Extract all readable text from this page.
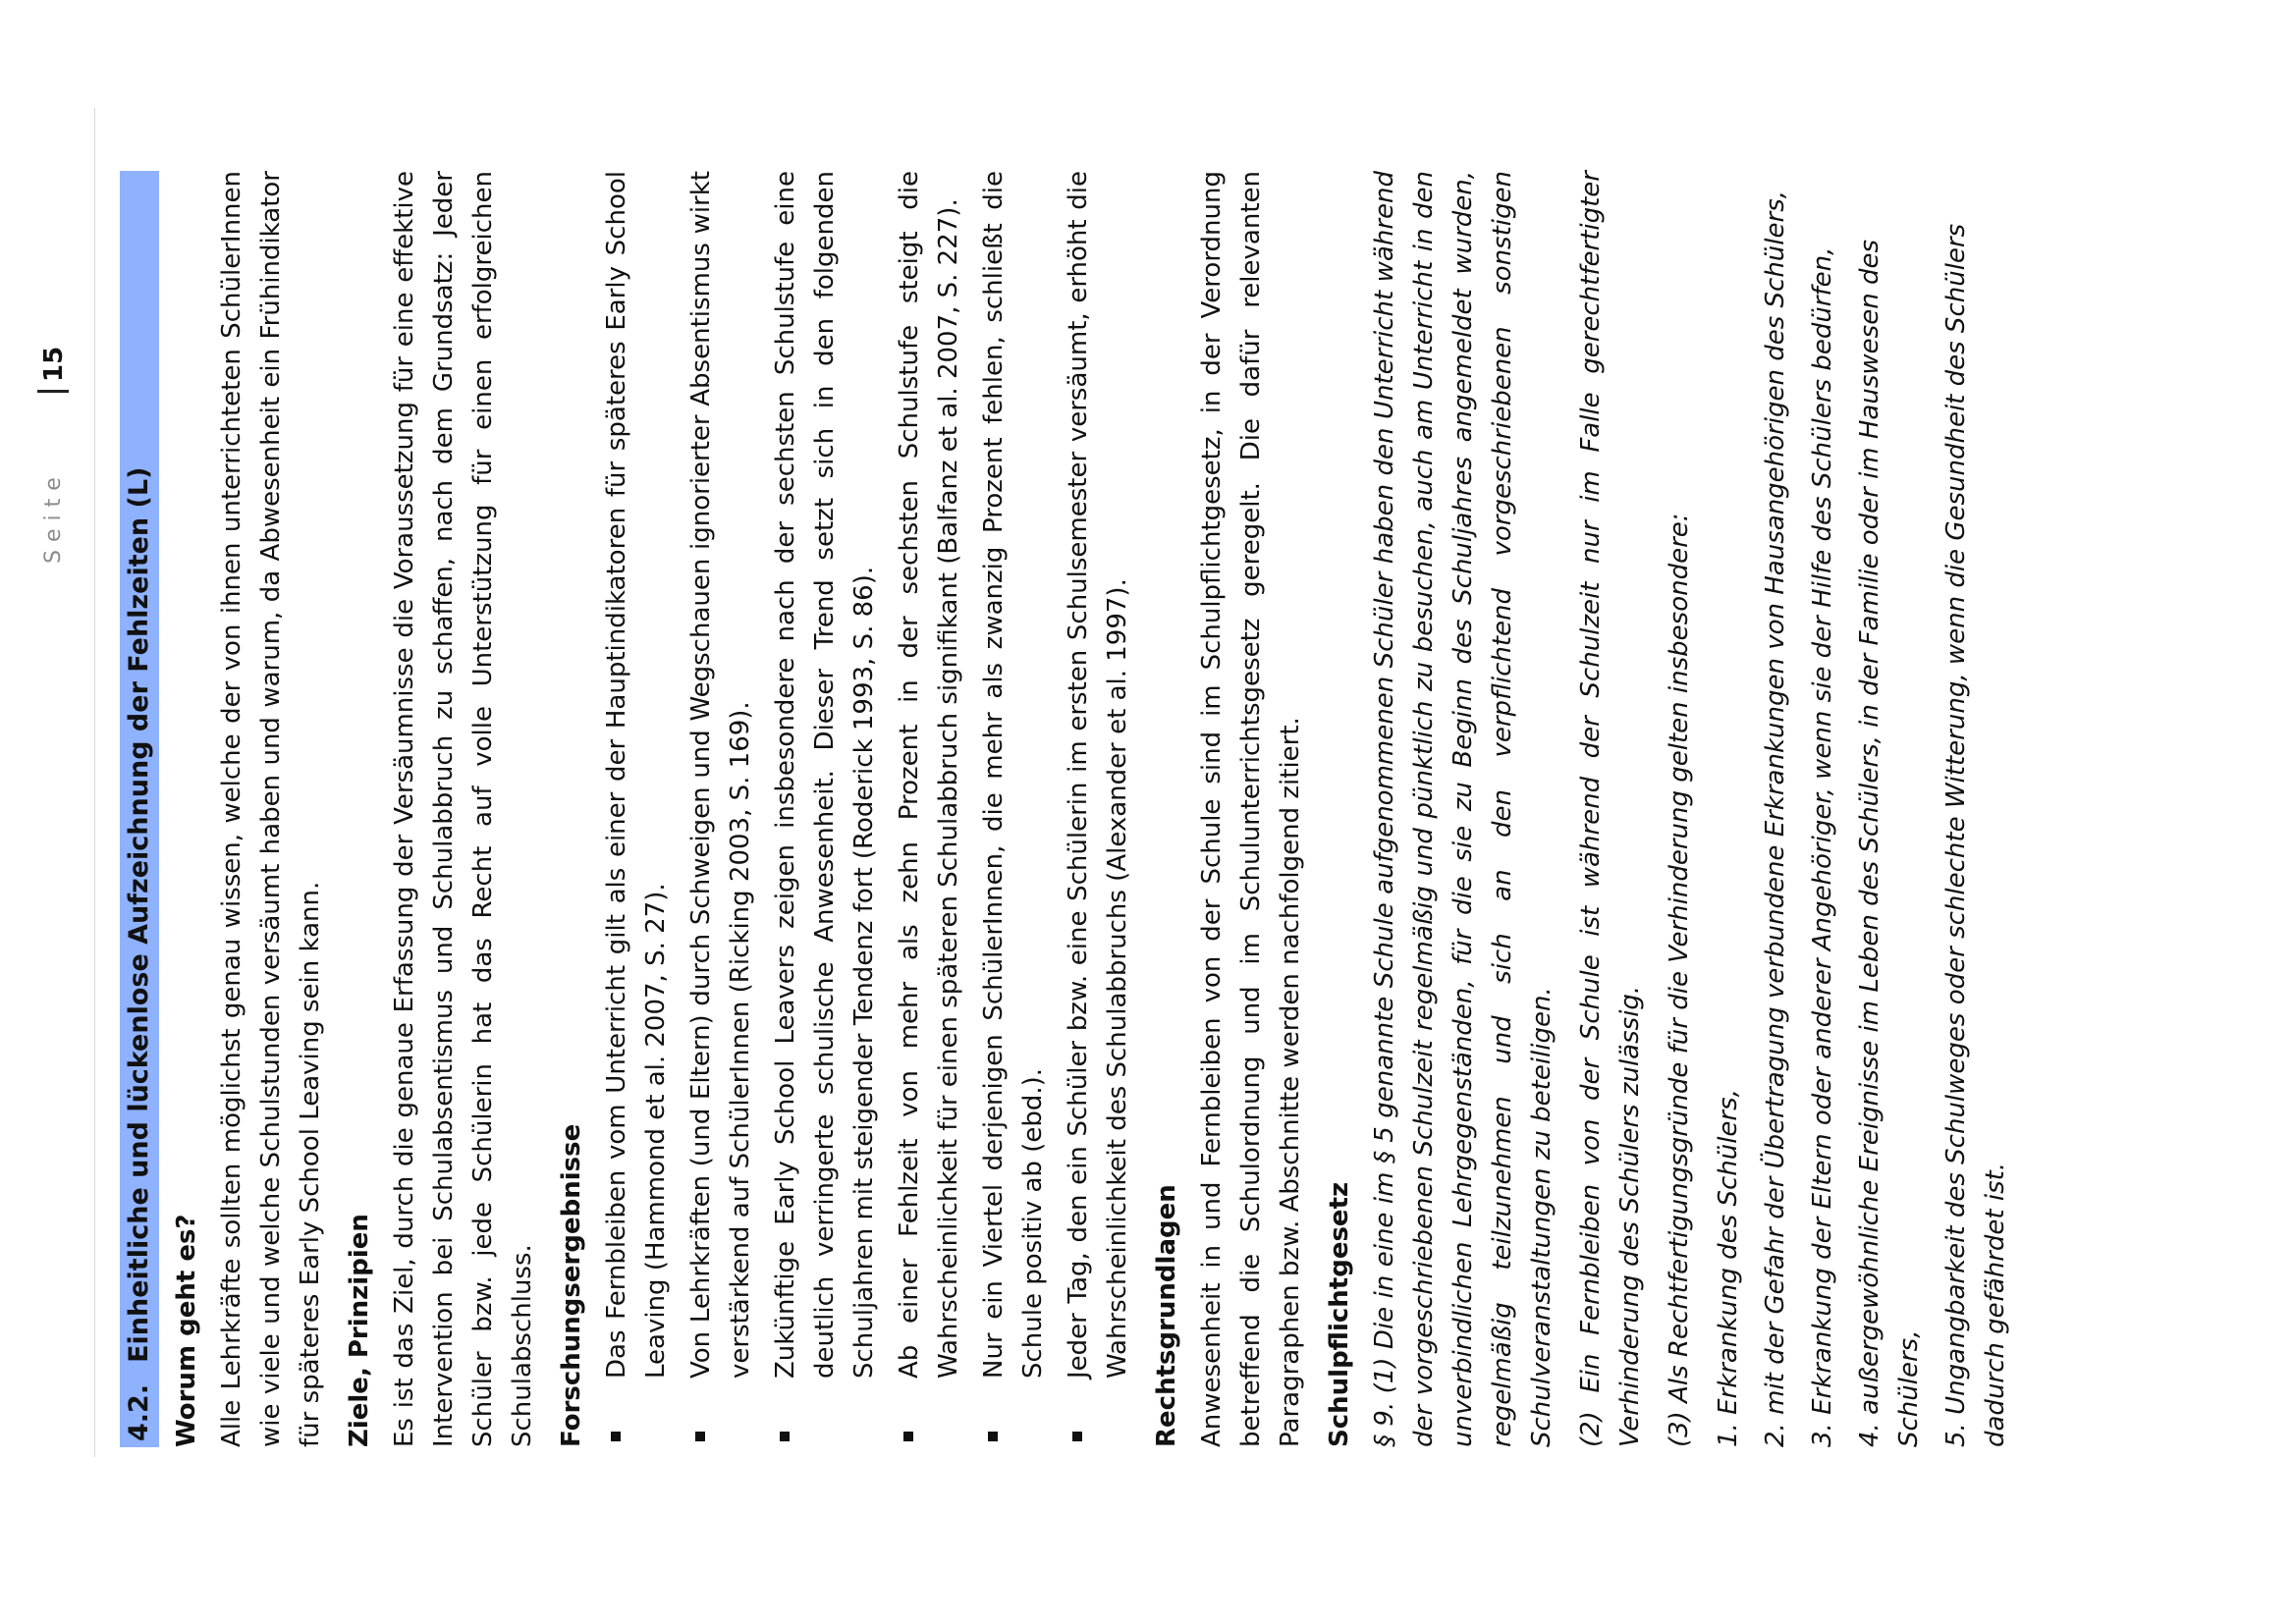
Seite
15
4.2.
Einheitliche und lückenlose Aufzeichnung der Fehlzeiten (L) Worum geht es? Alle Lehrkräfte sollten möglichst genau wissen, welche der von ihnen unterrichteten SchülerInnen wie viele und welche Schulstunden versäumt haben und warum, da Abwesenheit ein Frühindikator für späteres Early School Leaving sein kann. Ziele, Prinzipien Es ist das Ziel, durch die genaue Erfassung der Versäumnisse die Voraussetzung für eine effektive Intervention bei Schulabsentismus und Schulabbruch zu schaffen, nach dem Grundsatz: Jeder Schüler bzw. jede Schülerin hat das Recht auf volle Unterstützung für einen erfolgreichen Schulabschluss. Forschungsergebnisse Das Fernbleiben vom Unterricht gilt als einer der Hauptindikatoren für späteres Early School Leaving (Hammond et al. 2007, S. 27). Von Lehrkräften (und Eltern) durch Schweigen und Wegschauen ignorierter Absentismus wirkt verstärkend auf SchülerInnen (Ricking 2003, S. 169). Zukünftige Early School Leavers zeigen insbesondere nach der sechsten Schulstufe eine deutlich verringerte schulische Anwesenheit. Dieser Trend setzt sich in den folgenden Schuljahren mit steigender Tendenz fort (Roderick 1993, S. 86). Ab einer Fehlzeit von mehr als zehn Prozent in der sechsten Schulstufe steigt die Wahrscheinlichkeit für einen späteren Schulabbruch signifikant (Balfanz et al. 2007, S. 227). Nur ein Viertel derjenigen SchülerInnen, die mehr als zwanzig Prozent fehlen, schließt die Schule positiv ab (ebd.). Jeder Tag, den ein Schüler bzw. eine Schülerin im ersten Schulsemester versäumt, erhöht die Wahrscheinlichkeit des Schulabbruchs (Alexander et al. 1997). Rechtsgrundlagen Anwesenheit in und Fernbleiben von der Schule sind im Schulpflichtgesetz, in der Verordnung betreffend die Schulordnung und im Schulunterrichtsgesetz geregelt. Die dafür relevanten Paragraphen bzw. Abschnitte werden nachfolgend zitiert. Schulpflichtgesetz § 9. (1) Die in eine im § 5 genannte Schule aufgenommenen Schüler haben den Unterricht während der vorgeschriebenen Schulzeit regelmäßig und pünktlich zu besuchen, auch am Unterricht in den unverbindlichen Lehrgegenständen, für die sie zu Beginn des Schuljahres angemeldet wurden, regelmäßig teilzunehmen und sich an den verpflichtend vorgeschriebenen sonstigen Schulveranstaltungen zu beteiligen. (2) Ein Fernbleiben von der Schule ist während der Schulzeit nur im Falle gerechtfertigter Verhinderung des Schülers zulässig. (3) Als Rechtfertigungsgründe für die Verhinderung gelten insbesondere: 1. Erkrankung des Schülers, 2. mit der Gefahr der Übertragung verbundene Erkrankungen von Hausangehörigen des Schülers, 3. Erkrankung der Eltern oder anderer Angehöriger, wenn sie der Hilfe des Schülers bedürfen, 4. außergewöhnliche Ereignisse im Leben des Schülers, in der Familie oder im Hauswesen des Schülers, 5. Ungangbarkeit des Schulweges oder schlechte Witterung, wenn die Gesundheit des Schülers dadurch gefährdet ist.
